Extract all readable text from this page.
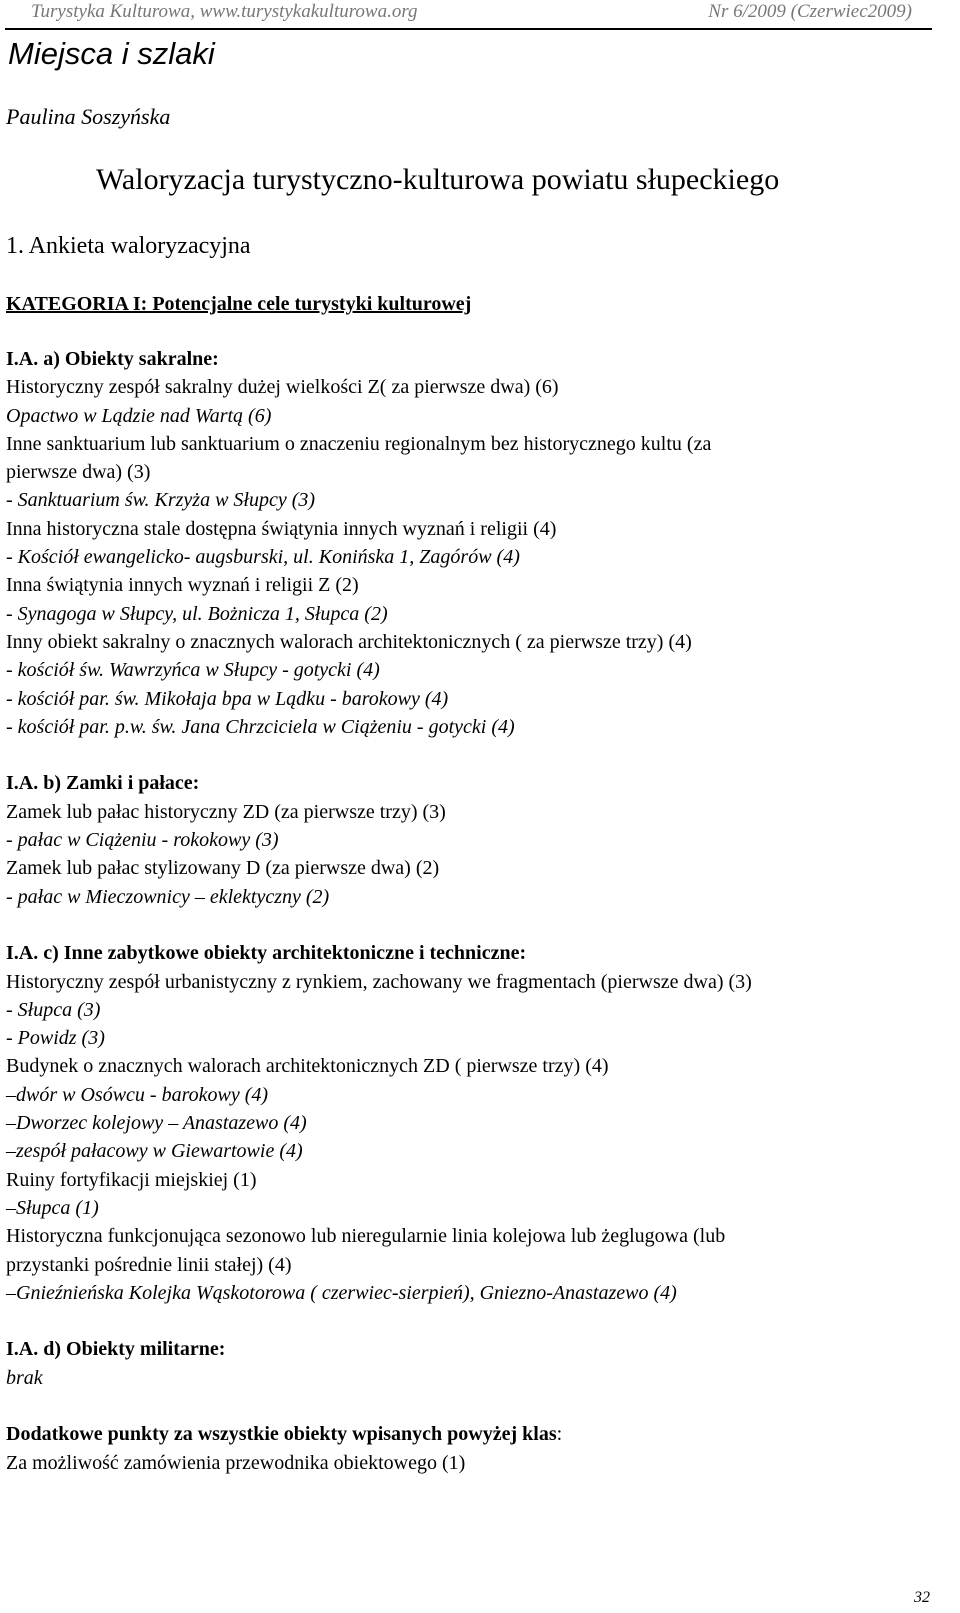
Turystyka Kulturowa, www.turystykakulturowa.org	Nr 6/2009 (Czerwiec2009)
Miejsca i szlaki
Paulina Soszyńska
Waloryzacja turystyczno-kulturowa powiatu słupeckiego
1. Ankieta waloryzacyjna
KATEGORIA I: Potencjalne cele turystyki kulturowej
I.A. a) Obiekty sakralne:
Historyczny zespół sakralny dużej wielkości Z( za pierwsze dwa) (6)
Opactwo w Lądzie nad Wartą (6)
Inne sanktuarium lub sanktuarium o znaczeniu regionalnym bez historycznego kultu (za
pierwsze dwa) (3)
- Sanktuarium św. Krzyża w Słupcy (3)
Inna historyczna stale dostępna świątynia innych wyznań i religii (4)
- Kościół ewangelicko- augsburski, ul. Konińska 1, Zagórów (4)
Inna świątynia innych wyznań i religii Z (2)
- Synagoga w Słupcy, ul. Bożnicza 1, Słupca (2)
Inny obiekt sakralny o znacznych walorach architektonicznych ( za pierwsze trzy) (4)
- kościół św. Wawrzyńca w Słupcy - gotycki (4)
- kościół par. św. Mikołaja bpa w Lądku - barokowy (4)
- kościół par. p.w. św. Jana Chrzciciela w Ciążeniu - gotycki (4)
I.A. b) Zamki i pałace:
Zamek lub pałac historyczny ZD (za pierwsze trzy) (3)
- pałac w Ciążeniu - rokokowy (3)
Zamek lub pałac stylizowany D (za pierwsze dwa) (2)
- pałac w Mieczownicy – eklektyczny (2)
I.A. c) Inne zabytkowe obiekty architektoniczne i techniczne:
Historyczny zespół urbanistyczny z rynkiem, zachowany we fragmentach (pierwsze dwa) (3)
- Słupca (3)
- Powidz (3)
Budynek o znacznych walorach architektonicznych ZD ( pierwsze trzy) (4)
–dwór w Osówcu - barokowy (4)
–Dworzec kolejowy – Anastazewo (4)
–zespół pałacowy w Giewartowie (4)
Ruiny fortyfikacji miejskiej (1)
–Słupca (1)
Historyczna funkcjonująca sezonowo lub nieregularnie linia kolejowa lub żeglugowa (lub
przystanki pośrednie linii stałej) (4)
–Gnieźnieńska Kolejka Wąskotorowa ( czerwiec-sierpień), Gniezno-Anastazewo (4)
I.A. d) Obiekty militarne:
brak
Dodatkowe punkty za wszystkie obiekty wpisanych powyżej klas:
Za możliwość zamówienia przewodnika obiektowego (1)
32
